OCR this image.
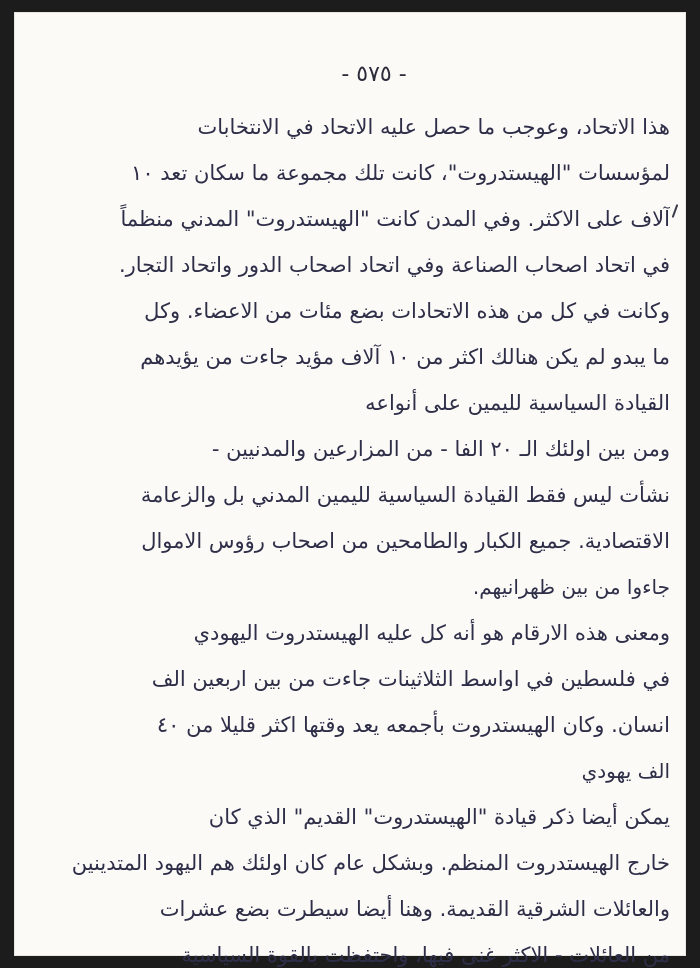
- ٥٧٥ -
هذا الاتحاد، وعوجب ما حصل عليه الاتحاد في الانتخابات
لمؤسسات "الهيستدروت"، كانت تلك مجموعة ما سكان تعد ١٠
آلاف على الاكثر. وفي المدن كانت "الهيستدروت" المدني منظماً
في اتحاد اصحاب الصناعة وفي اتحاد اصحاب الدور واتحاد التجار.
وكانت في كل من هذه الاتحادات بضع مئات من الاعضاء. وكل
ما يبدو لم يكن هنالك اكثر من ١٠ آلاف مؤيد جاءت من يؤيدهم
القيادة السياسية لليمين على أنواعه
ومن بين اولئك الـ ٢٠ الفا - من المزارعين والمدنيين -
نشأت ليس فقط القيادة السياسية لليمين المدني بل والزعامة
الاقتصادية. جميع الكبار والطامحين من اصحاب رؤوس الاموال
جاءوا من بين ظهرانيهم.
ومعنى هذه الارقام هو أنه كل عليه الهيستدروت اليهودي
في فلسطين في اواسط الثلاثينات جاءت من بين اربعين الف
انسان. وكان الهيستدروت بأجمعه يعد وقتها اكثر قليلا من ٤٠
الف يهودي
يمكن أيضا ذكر قيادة "الهيستدروت" القديم" الذي كان
خارج الهيستدروت المنظم. وبشكل عام كان اولئك هم اليهود المتدينين
والعائلات الشرقية القديمة. وهنا أيضا سيطرت بضع عشرات
من العائلات - الاكثر غنى فيها، واحتفظت بالقوة السياسية
